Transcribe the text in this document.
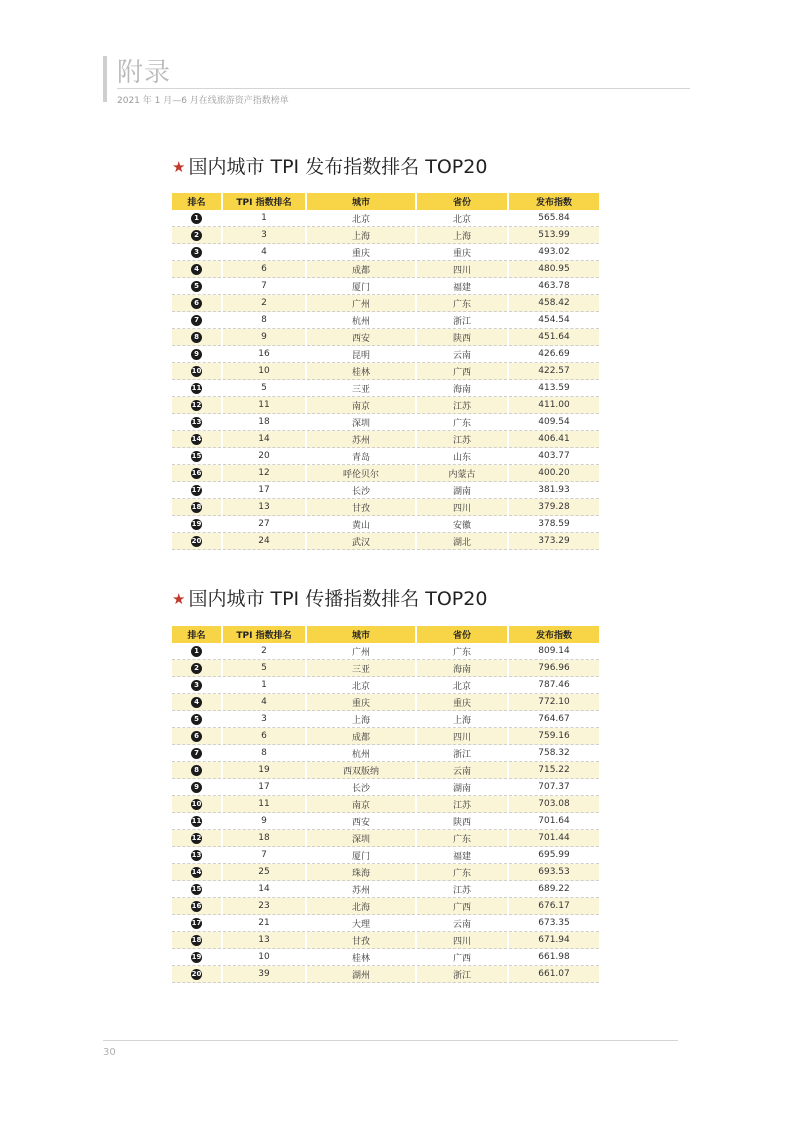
附录
2021 年 1 月—6 月在线旅游资产指数榜单
★ 国内城市 TPI 发布指数排名 TOP20
排名	TPI 指数排名	城市	省份	发布指数
1	1	北京	北京	565.84
2	3	上海	上海	513.99
3	4	重庆	重庆	493.02
4	6	成都	四川	480.95
5	7	厦门	福建	463.78
6	2	广州	广东	458.42
7	8	杭州	浙江	454.54
8	9	西安	陕西	451.64
9	16	昆明	云南	426.69
10	10	桂林	广西	422.57
11	5	三亚	海南	413.59
12	11	南京	江苏	411.00
13	18	深圳	广东	409.54
14	14	苏州	江苏	406.41
15	20	青岛	山东	403.77
16	12	呼伦贝尔	内蒙古	400.20
17	17	长沙	湖南	381.93
18	13	甘孜	四川	379.28
19	27	黄山	安徽	378.59
20	24	武汉	湖北	373.29
★ 国内城市 TPI 传播指数排名 TOP20
排名	TPI 指数排名	城市	省份	发布指数
1	2	广州	广东	809.14
2	5	三亚	海南	796.96
3	1	北京	北京	787.46
4	4	重庆	重庆	772.10
5	3	上海	上海	764.67
6	6	成都	四川	759.16
7	8	杭州	浙江	758.32
8	19	西双版纳	云南	715.22
9	17	长沙	湖南	707.37
10	11	南京	江苏	703.08
11	9	西安	陕西	701.64
12	18	深圳	广东	701.44
13	7	厦门	福建	695.99
14	25	珠海	广东	693.53
15	14	苏州	江苏	689.22
16	23	北海	广西	676.17
17	21	大理	云南	673.35
18	13	甘孜	四川	671.94
19	10	桂林	广西	661.98
20	39	湖州	浙江	661.07
30
